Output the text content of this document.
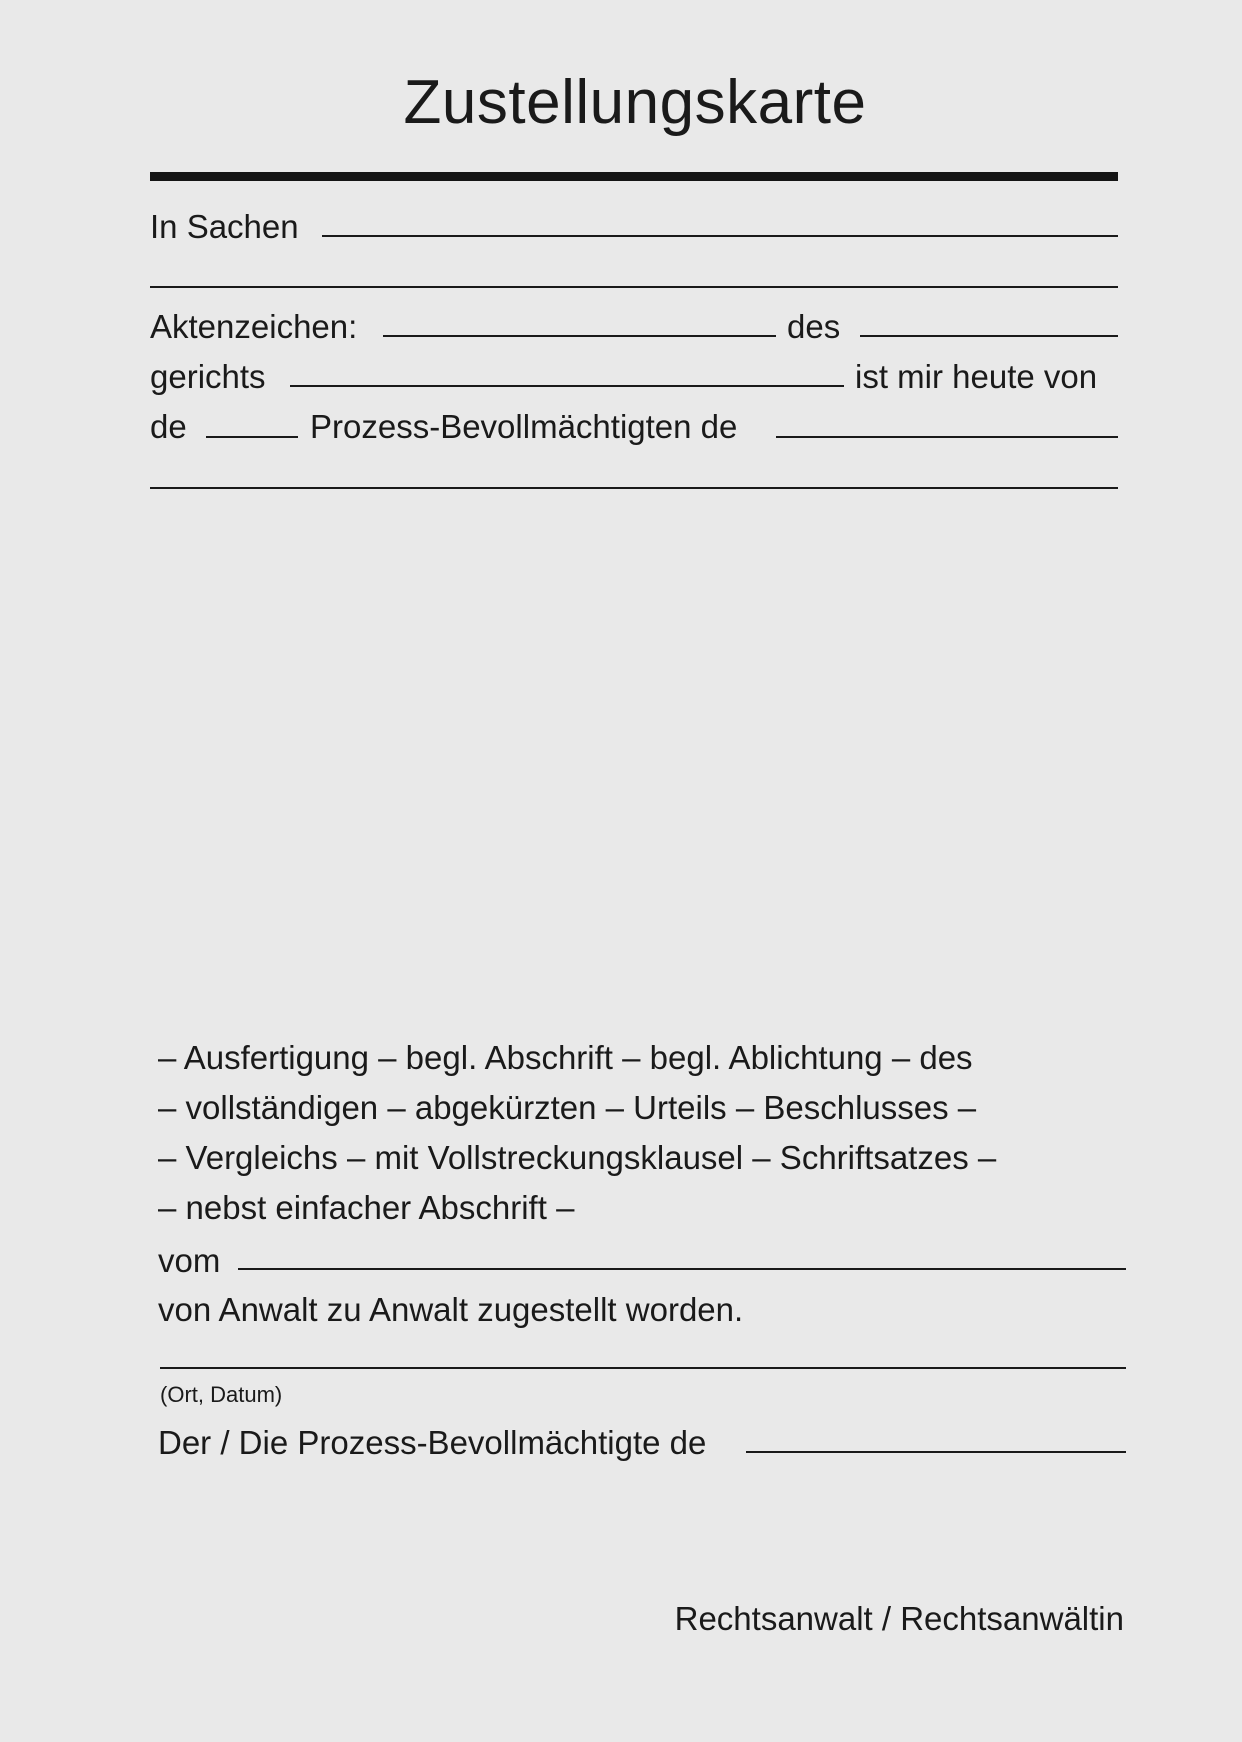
Zustellungskarte
In Sachen
Aktenzeichen:	des
gerichts	ist mir heute von
de	Prozess-Bevollmächtigten de
– Ausfertigung – begl. Abschrift – begl. Ablichtung – des
– vollständigen – abgekürzten – Urteils – Beschlusses –
– Vergleichs – mit Vollstreckungsklausel – Schriftsatzes –
– nebst einfacher Abschrift –
vom
von Anwalt zu Anwalt zugestellt worden.
(Ort, Datum)
Der / Die Prozess-Bevollmächtigte de
Rechtsanwalt / Rechtsanwältin
